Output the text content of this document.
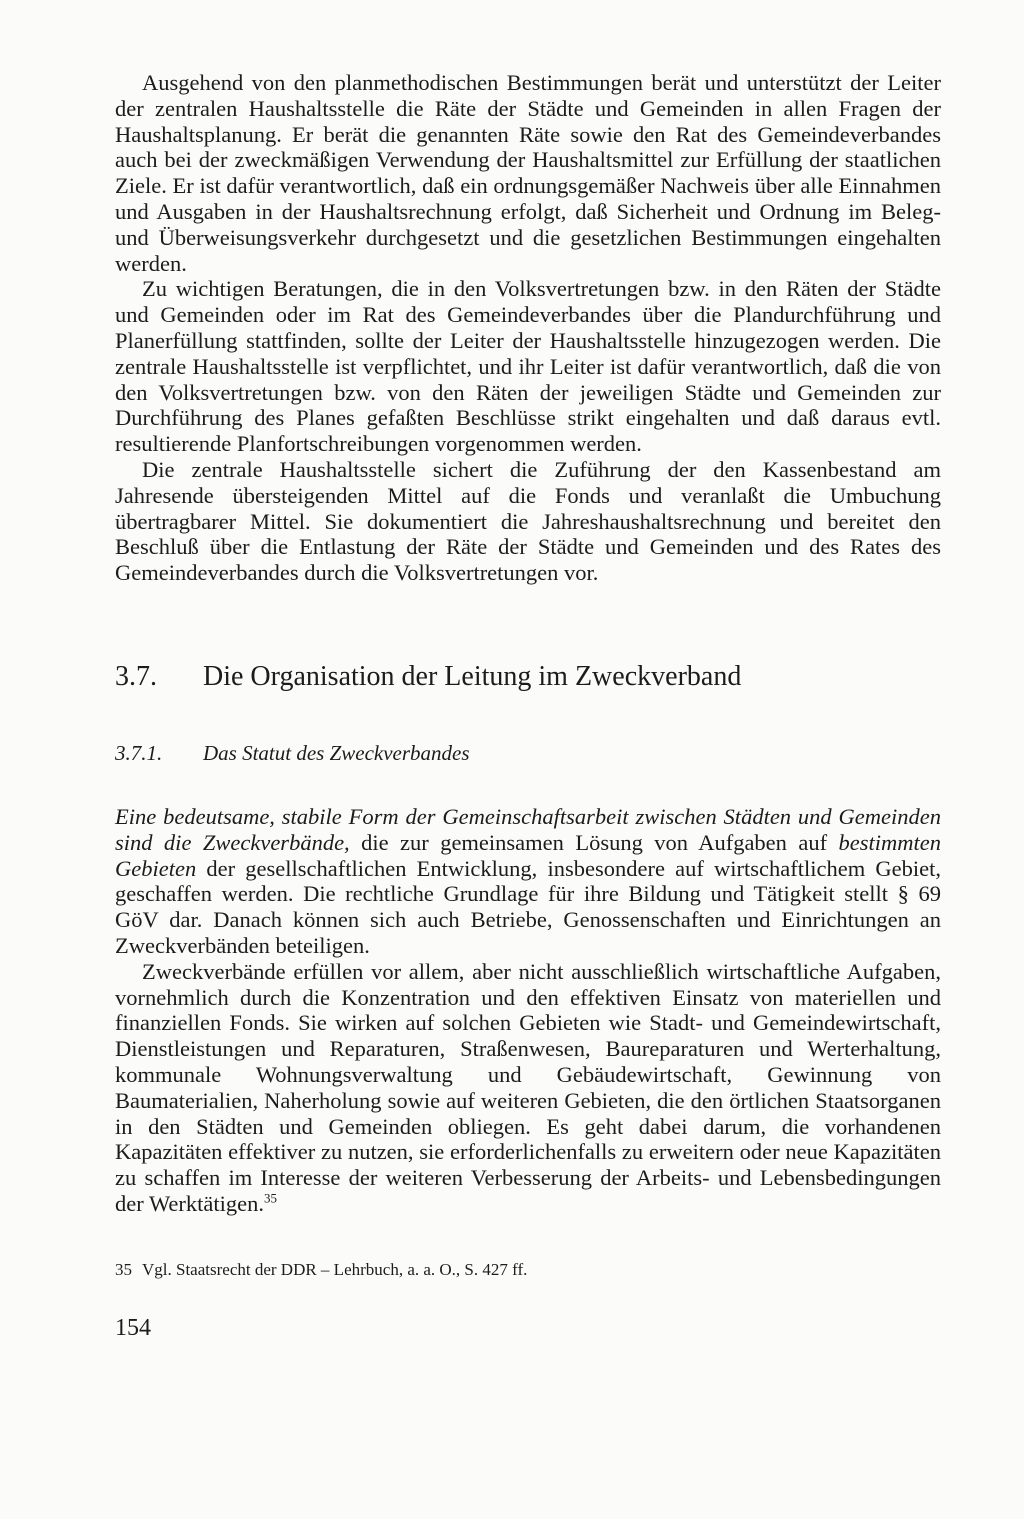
Ausgehend von den planmethodischen Bestimmungen berät und unterstützt der Leiter der zentralen Haushaltsstelle die Räte der Städte und Gemeinden in allen Fragen der Haushaltsplanung. Er berät die genannten Räte sowie den Rat des Gemeindeverbandes auch bei der zweckmäßigen Verwendung der Haushaltsmittel zur Erfüllung der staatlichen Ziele. Er ist dafür verantwortlich, daß ein ordnungsgemäßer Nachweis über alle Einnahmen und Ausgaben in der Haushaltsrechnung erfolgt, daß Sicherheit und Ordnung im Beleg- und Überweisungsverkehr durchgesetzt und die gesetzlichen Bestimmungen eingehalten werden.

Zu wichtigen Beratungen, die in den Volksvertretungen bzw. in den Räten der Städte und Gemeinden oder im Rat des Gemeindeverbandes über die Plandurchführung und Planerfüllung stattfinden, sollte der Leiter der Haushaltsstelle hinzugezogen werden. Die zentrale Haushaltsstelle ist verpflichtet, und ihr Leiter ist dafür verantwortlich, daß die von den Volksvertretungen bzw. von den Räten der jeweiligen Städte und Gemeinden zur Durchführung des Planes gefaßten Beschlüsse strikt eingehalten und daß daraus evtl. resultierende Planfortschreibungen vorgenommen werden.

Die zentrale Haushaltsstelle sichert die Zuführung der den Kassenbestand am Jahresende übersteigenden Mittel auf die Fonds und veranlaßt die Umbuchung übertragbarer Mittel. Sie dokumentiert die Jahreshaushaltsrechnung und bereitet den Beschluß über die Entlastung der Räte der Städte und Gemeinden und des Rates des Gemeindeverbandes durch die Volksvertretungen vor.

3.7.	Die Organisation der Leitung im Zweckverband
3.7.1.	Das Statut des Zweckverbandes

Eine bedeutsame, stabile Form der Gemeinschaftsarbeit zwischen Städten und Gemeinden sind die Zweckverbände, die zur gemeinsamen Lösung von Aufgaben auf bestimmten Gebieten der gesellschaftlichen Entwicklung, insbesondere auf wirtschaftlichem Gebiet, geschaffen werden. Die rechtliche Grundlage für ihre Bildung und Tätigkeit stellt § 69 GöV dar. Danach können sich auch Betriebe, Genossenschaften und Einrichtungen an Zweckverbänden beteiligen.

Zweckverbände erfüllen vor allem, aber nicht ausschließlich wirtschaftliche Aufgaben, vornehmlich durch die Konzentration und den effektiven Einsatz von materiellen und finanziellen Fonds. Sie wirken auf solchen Gebieten wie Stadt- und Gemeindewirtschaft, Dienstleistungen und Reparaturen, Straßenwesen, Baureparaturen und Werterhaltung, kommunale Wohnungsverwaltung und Gebäudewirtschaft, Gewinnung von Baumaterialien, Naherholung sowie auf weiteren Gebieten, die den örtlichen Staatsorganen in den Städten und Gemeinden obliegen. Es geht dabei darum, die vorhandenen Kapazitäten effektiver zu nutzen, sie erforderlichenfalls zu erweitern oder neue Kapazitäten zu schaffen im Interesse der weiteren Verbesserung der Arbeits- und Lebensbedingungen der Werktätigen.$^{35}$

35 Vgl. Staatsrecht der DDR – Lehrbuch, a. a. O., S. 427 ff.
154
